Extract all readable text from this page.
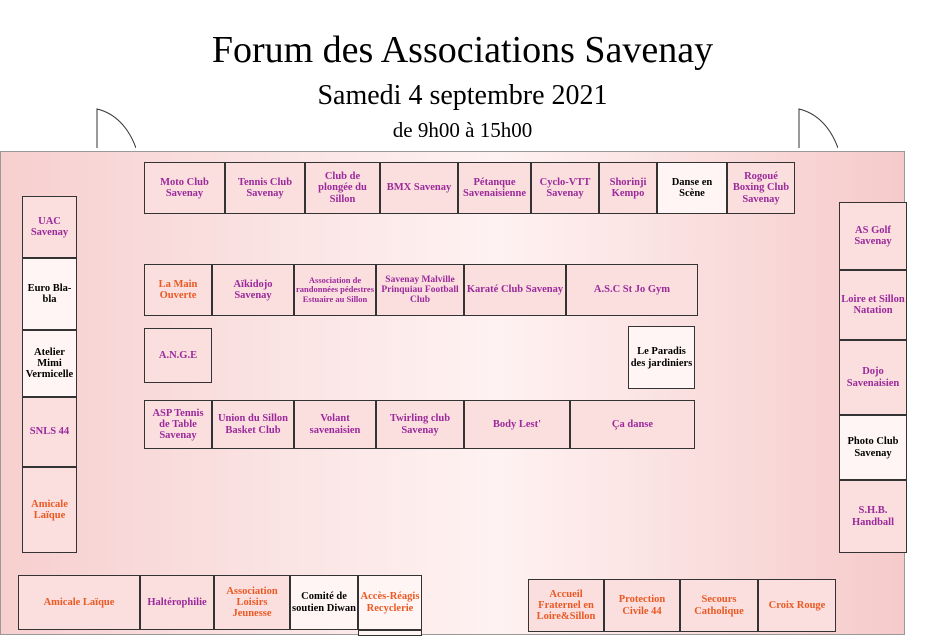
Forum des Associations Savenay
Samedi 4 septembre 2021
de 9h00 à 15h00
Moto Club Savenay
Tennis Club Savenay
Club de plongée du Sillon
BMX Savenay
Pétanque Savenaisienne
Cyclo-VTT Savenay
Shorinji Kempo
Danse en Scène
Rogoué Boxing Club Savenay
La Main Ouverte
Aïkidojo Savenay
Association de randonnées pédestres Estuaire au Sillon
Savenay Malville Prinquiau Football Club
Karaté Club Savenay	A.S.C St Jo Gym
A.N.G.E	Le Paradis des jardiniers
ASP Tennis de Table Savenay
Union du Sillon Basket Club
Volant savenaisien
Twirling club Savenay
Body Lest'	Ça danse
UAC Savenay
Euro Bla-bla
Atelier Mimi Vermicelle
SNLS 44
Amicale Laïque
AS Golf Savenay
Loire et Sillon Natation
Dojo Savenaisien
Photo Club Savenay
S.H.B. Handball
Amicale Laïque	Haltérophilie
Association Loisirs Jeunesse
Comité de soutien Diwan
Accès-Réagis Recyclerie
Accueil Fraternel en Loire&Sillon
Protection Civile 44
Secours Catholique
Croix Rouge
